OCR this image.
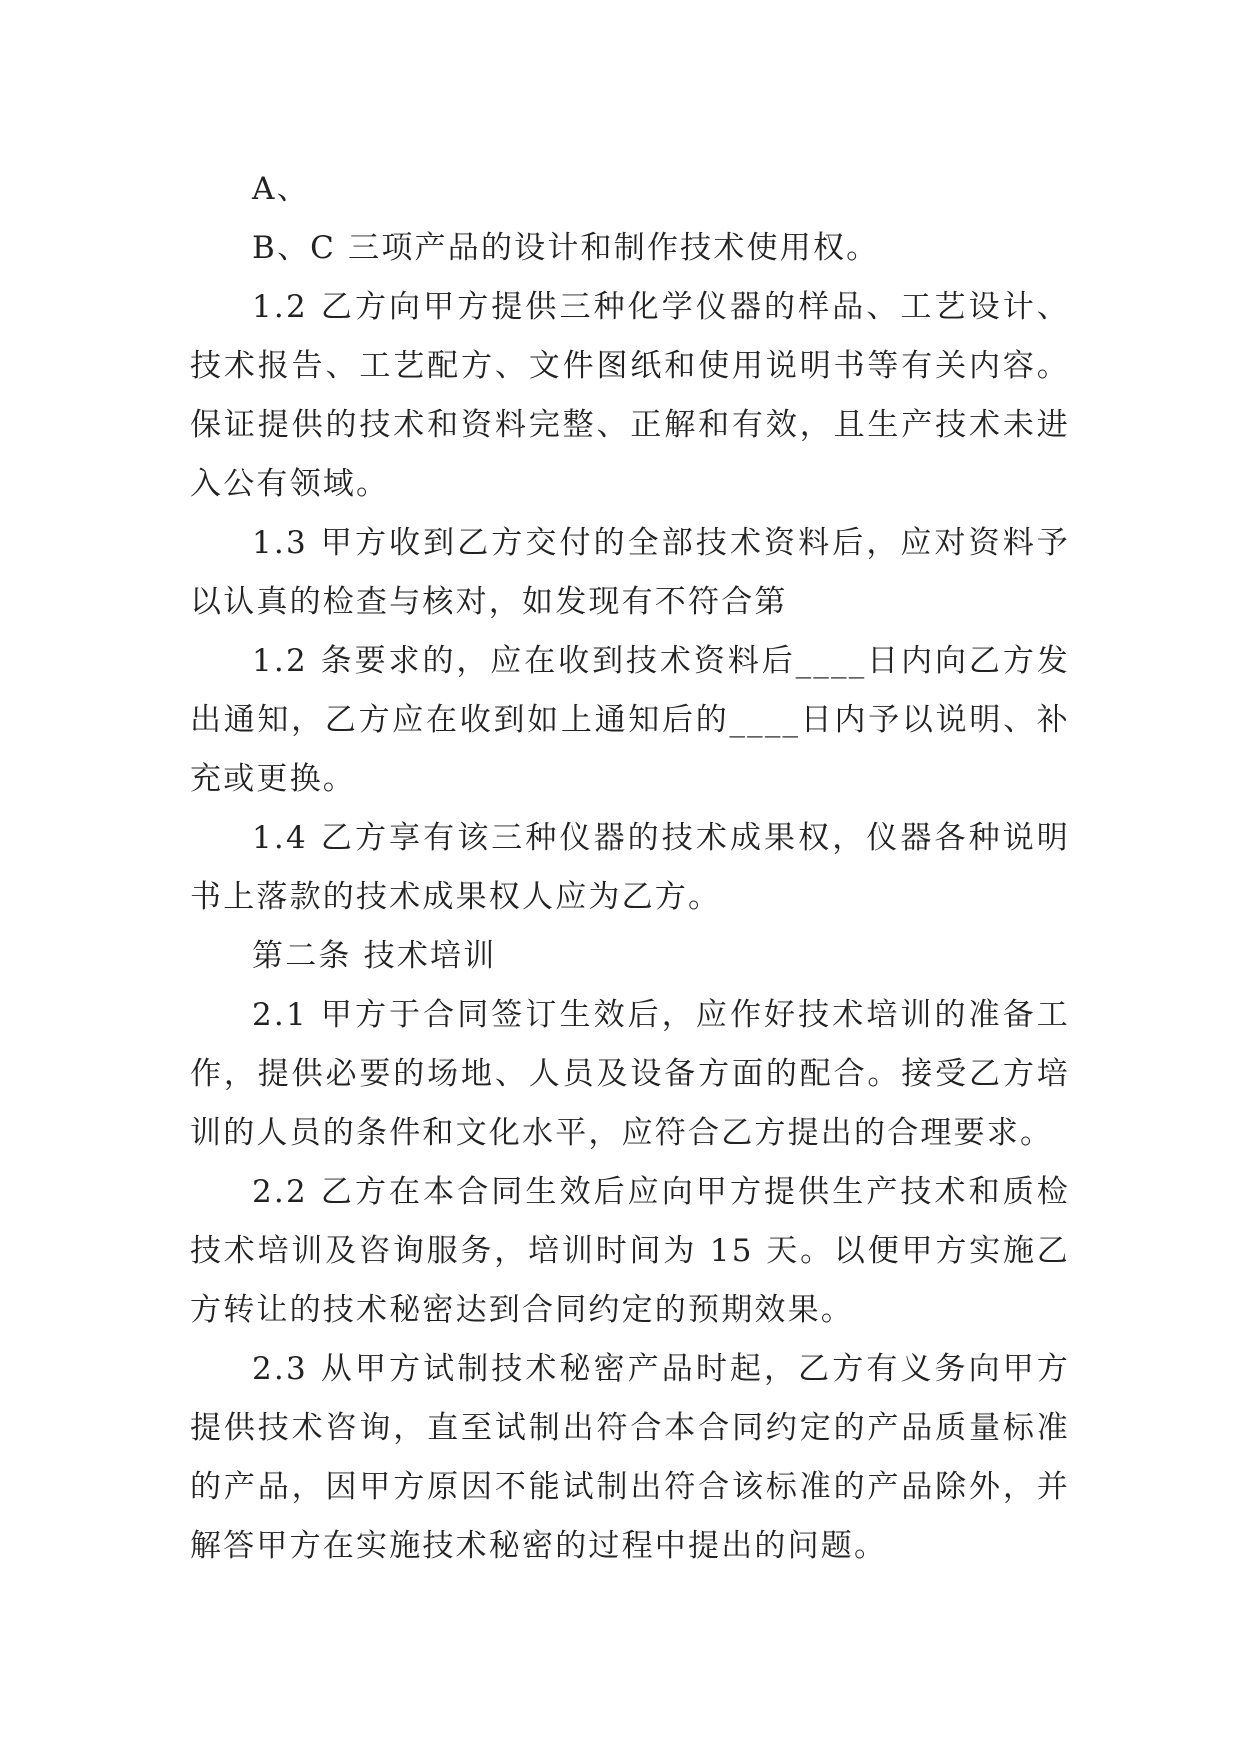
A、

B、C 三项产品的设计和制作技术使用权。

1.2 乙方向甲方提供三种化学仪器的样品、工艺设计、技术报告、工艺配方、文件图纸和使用说明书等有关内容。保证提供的技术和资料完整、正解和有效，且生产技术未进入公有领域。

1.3 甲方收到乙方交付的全部技术资料后，应对资料予以认真的检查与核对，如发现有不符合第

1.2 条要求的，应在收到技术资料后____日内向乙方发出通知，乙方应在收到如上通知后的____日内予以说明、补充或更换。

1.4 乙方享有该三种仪器的技术成果权，仪器各种说明书上落款的技术成果权人应为乙方。

第二条 技术培训

2.1 甲方于合同签订生效后，应作好技术培训的准备工作，提供必要的场地、人员及设备方面的配合。接受乙方培训的人员的条件和文化水平，应符合乙方提出的合理要求。

2.2 乙方在本合同生效后应向甲方提供生产技术和质检技术培训及咨询服务，培训时间为 15 天。以便甲方实施乙方转让的技术秘密达到合同约定的预期效果。

2.3 从甲方试制技术秘密产品时起，乙方有义务向甲方提供技术咨询，直至试制出符合本合同约定的产品质量标准的产品，因甲方原因不能试制出符合该标准的产品除外，并解答甲方在实施技术秘密的过程中提出的问题。
